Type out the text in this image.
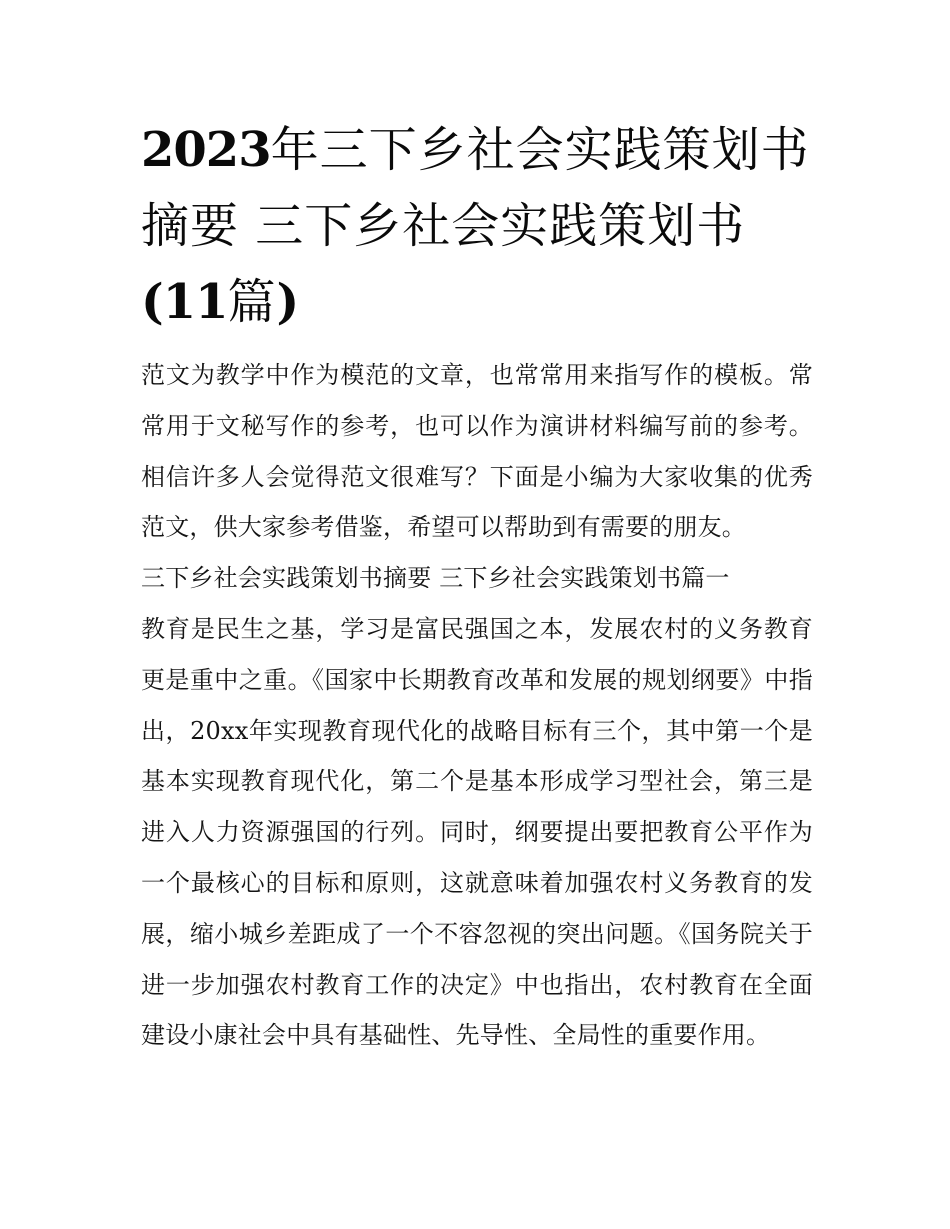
2023年三下乡社会实践策划书
摘要 三下乡社会实践策划书
(11篇)

范文为教学中作为模范的文章，也常常用来指写作的模板。常常用于文秘写作的参考，也可以作为演讲材料编写前的参考。相信许多人会觉得范文很难写？下面是小编为大家收集的优秀范文，供大家参考借鉴，希望可以帮助到有需要的朋友。

三下乡社会实践策划书摘要 三下乡社会实践策划书篇一

教育是民生之基，学习是富民强国之本，发展农村的义务教育更是重中之重。《国家中长期教育改革和发展的规划纲要》中指出，20xx年实现教育现代化的战略目标有三个，其中第一个是基本实现教育现代化，第二个是基本形成学习型社会，第三是进入人力资源强国的行列。同时，纲要提出要把教育公平作为一个最核心的目标和原则，这就意味着加强农村义务教育的发展，缩小城乡差距成了一个不容忽视的突出问题。《国务院关于进一步加强农村教育工作的决定》中也指出，农村教育在全面建设小康社会中具有基础性、先导性、全局性的重要作用。
